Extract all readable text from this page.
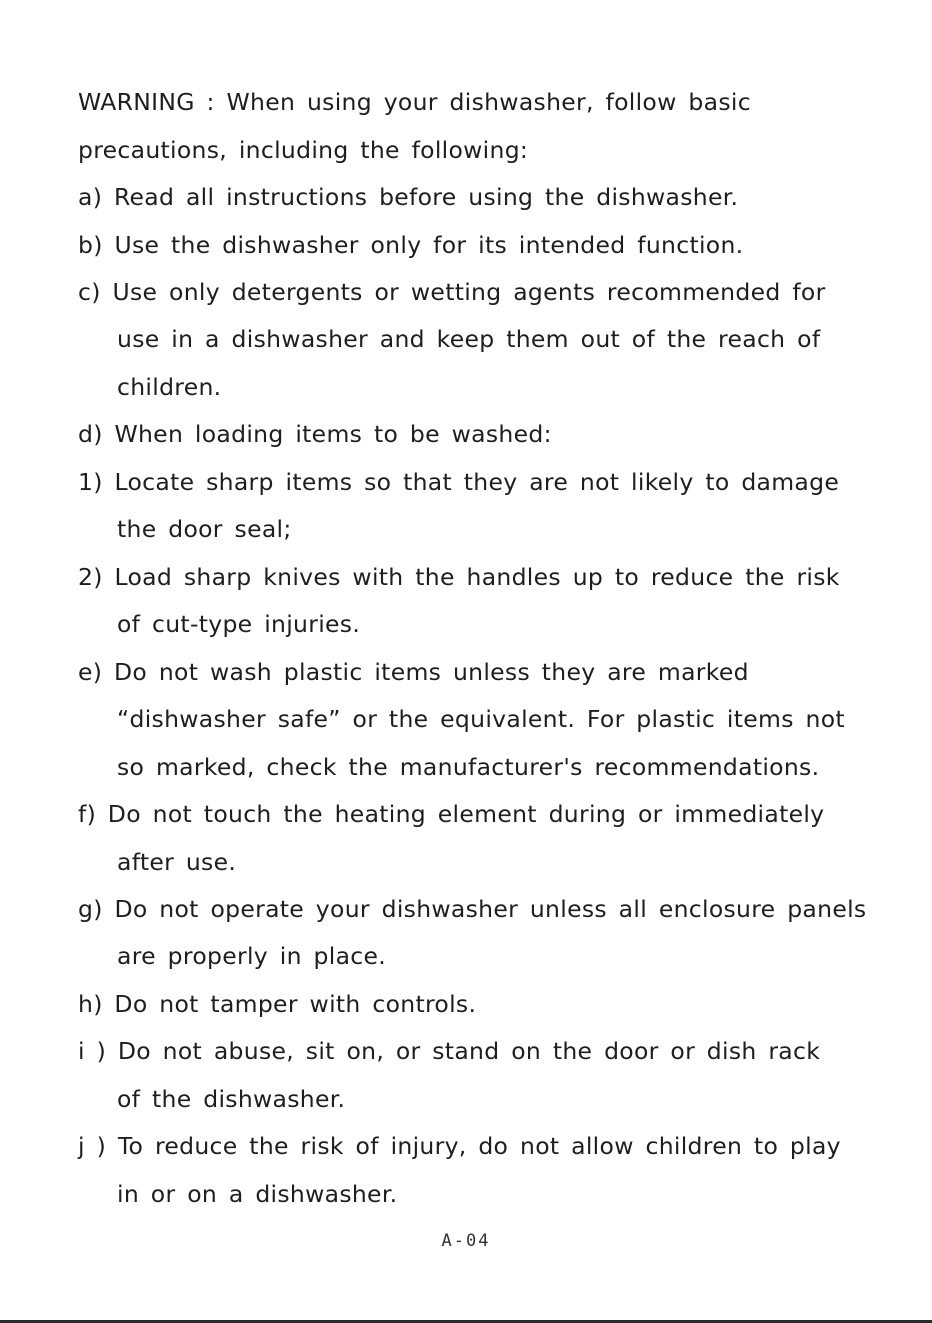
WARNING : When using your dishwasher, follow basic
precautions, including the following:
a) Read all instructions before using the dishwasher.
b) Use the dishwasher only for its intended function.
c) Use only detergents or wetting agents recommended for
use in a dishwasher and keep them out of the reach of
children.
d) When loading items to be washed:
1) Locate sharp items so that they are not likely to damage
the door seal;
2) Load sharp knives with the handles up to reduce the risk
of cut-type injuries.
e) Do not wash plastic items unless they are marked
“dishwasher safe” or the equivalent. For plastic items not
so marked, check the manufacturer's recommendations.
f) Do not touch the heating element during or immediately
after use.
g) Do not operate your dishwasher unless all enclosure panels
are properly in place.
h) Do not tamper with controls.
i ) Do not abuse, sit on, or stand on the door or dish rack
of the dishwasher.
j ) To reduce the risk of injury, do not allow children to play
in or on a dishwasher.
A-04
